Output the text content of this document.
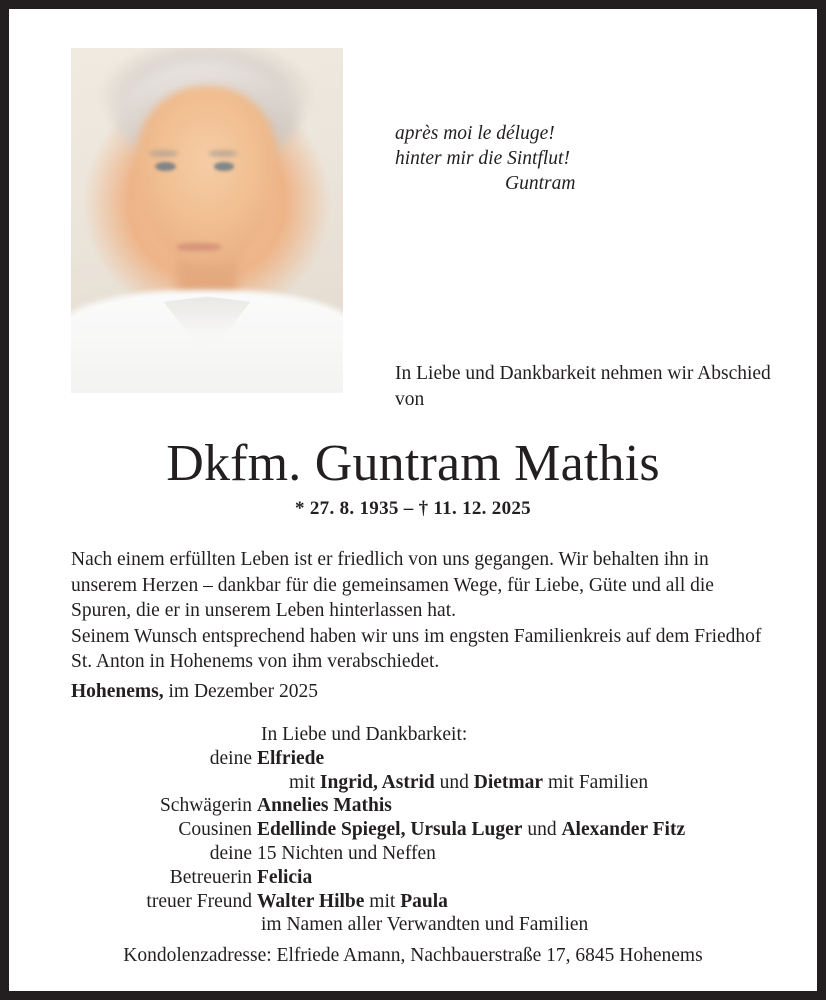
après moi le déluge!
hinter mir die Sintflut!
Guntram
In Liebe und Dankbarkeit nehmen wir Abschied von
Dkfm. Guntram Mathis
* 27. 8. 1935 – † 11. 12. 2025

Nach einem erfüllten Leben ist er friedlich von uns gegangen. Wir behalten ihn in unserem Herzen – dankbar für die gemeinsamen Wege, für Liebe, Güte und all die Spuren, die er in unserem Leben hinterlassen hat.

Seinem Wunsch entsprechend haben wir uns im engsten Familienkreis auf dem Friedhof St. Anton in Hohenems von ihm verabschiedet.

Hohenems, im Dezember 2025
In Liebe und Dankbarkeit:
deine Elfriede
mit Ingrid, Astrid und Dietmar mit Familien
Schwägerin Annelies Mathis
Cousinen Edellinde Spiegel, Ursula Luger und Alexander Fitz
deine 15 Nichten und Neffen
Betreuerin Felicia
treuer Freund Walter Hilbe mit Paula
im Namen aller Verwandten und Familien
Kondolenzadresse: Elfriede Amann, Nachbauerstraße 17, 6845 Hohenems
